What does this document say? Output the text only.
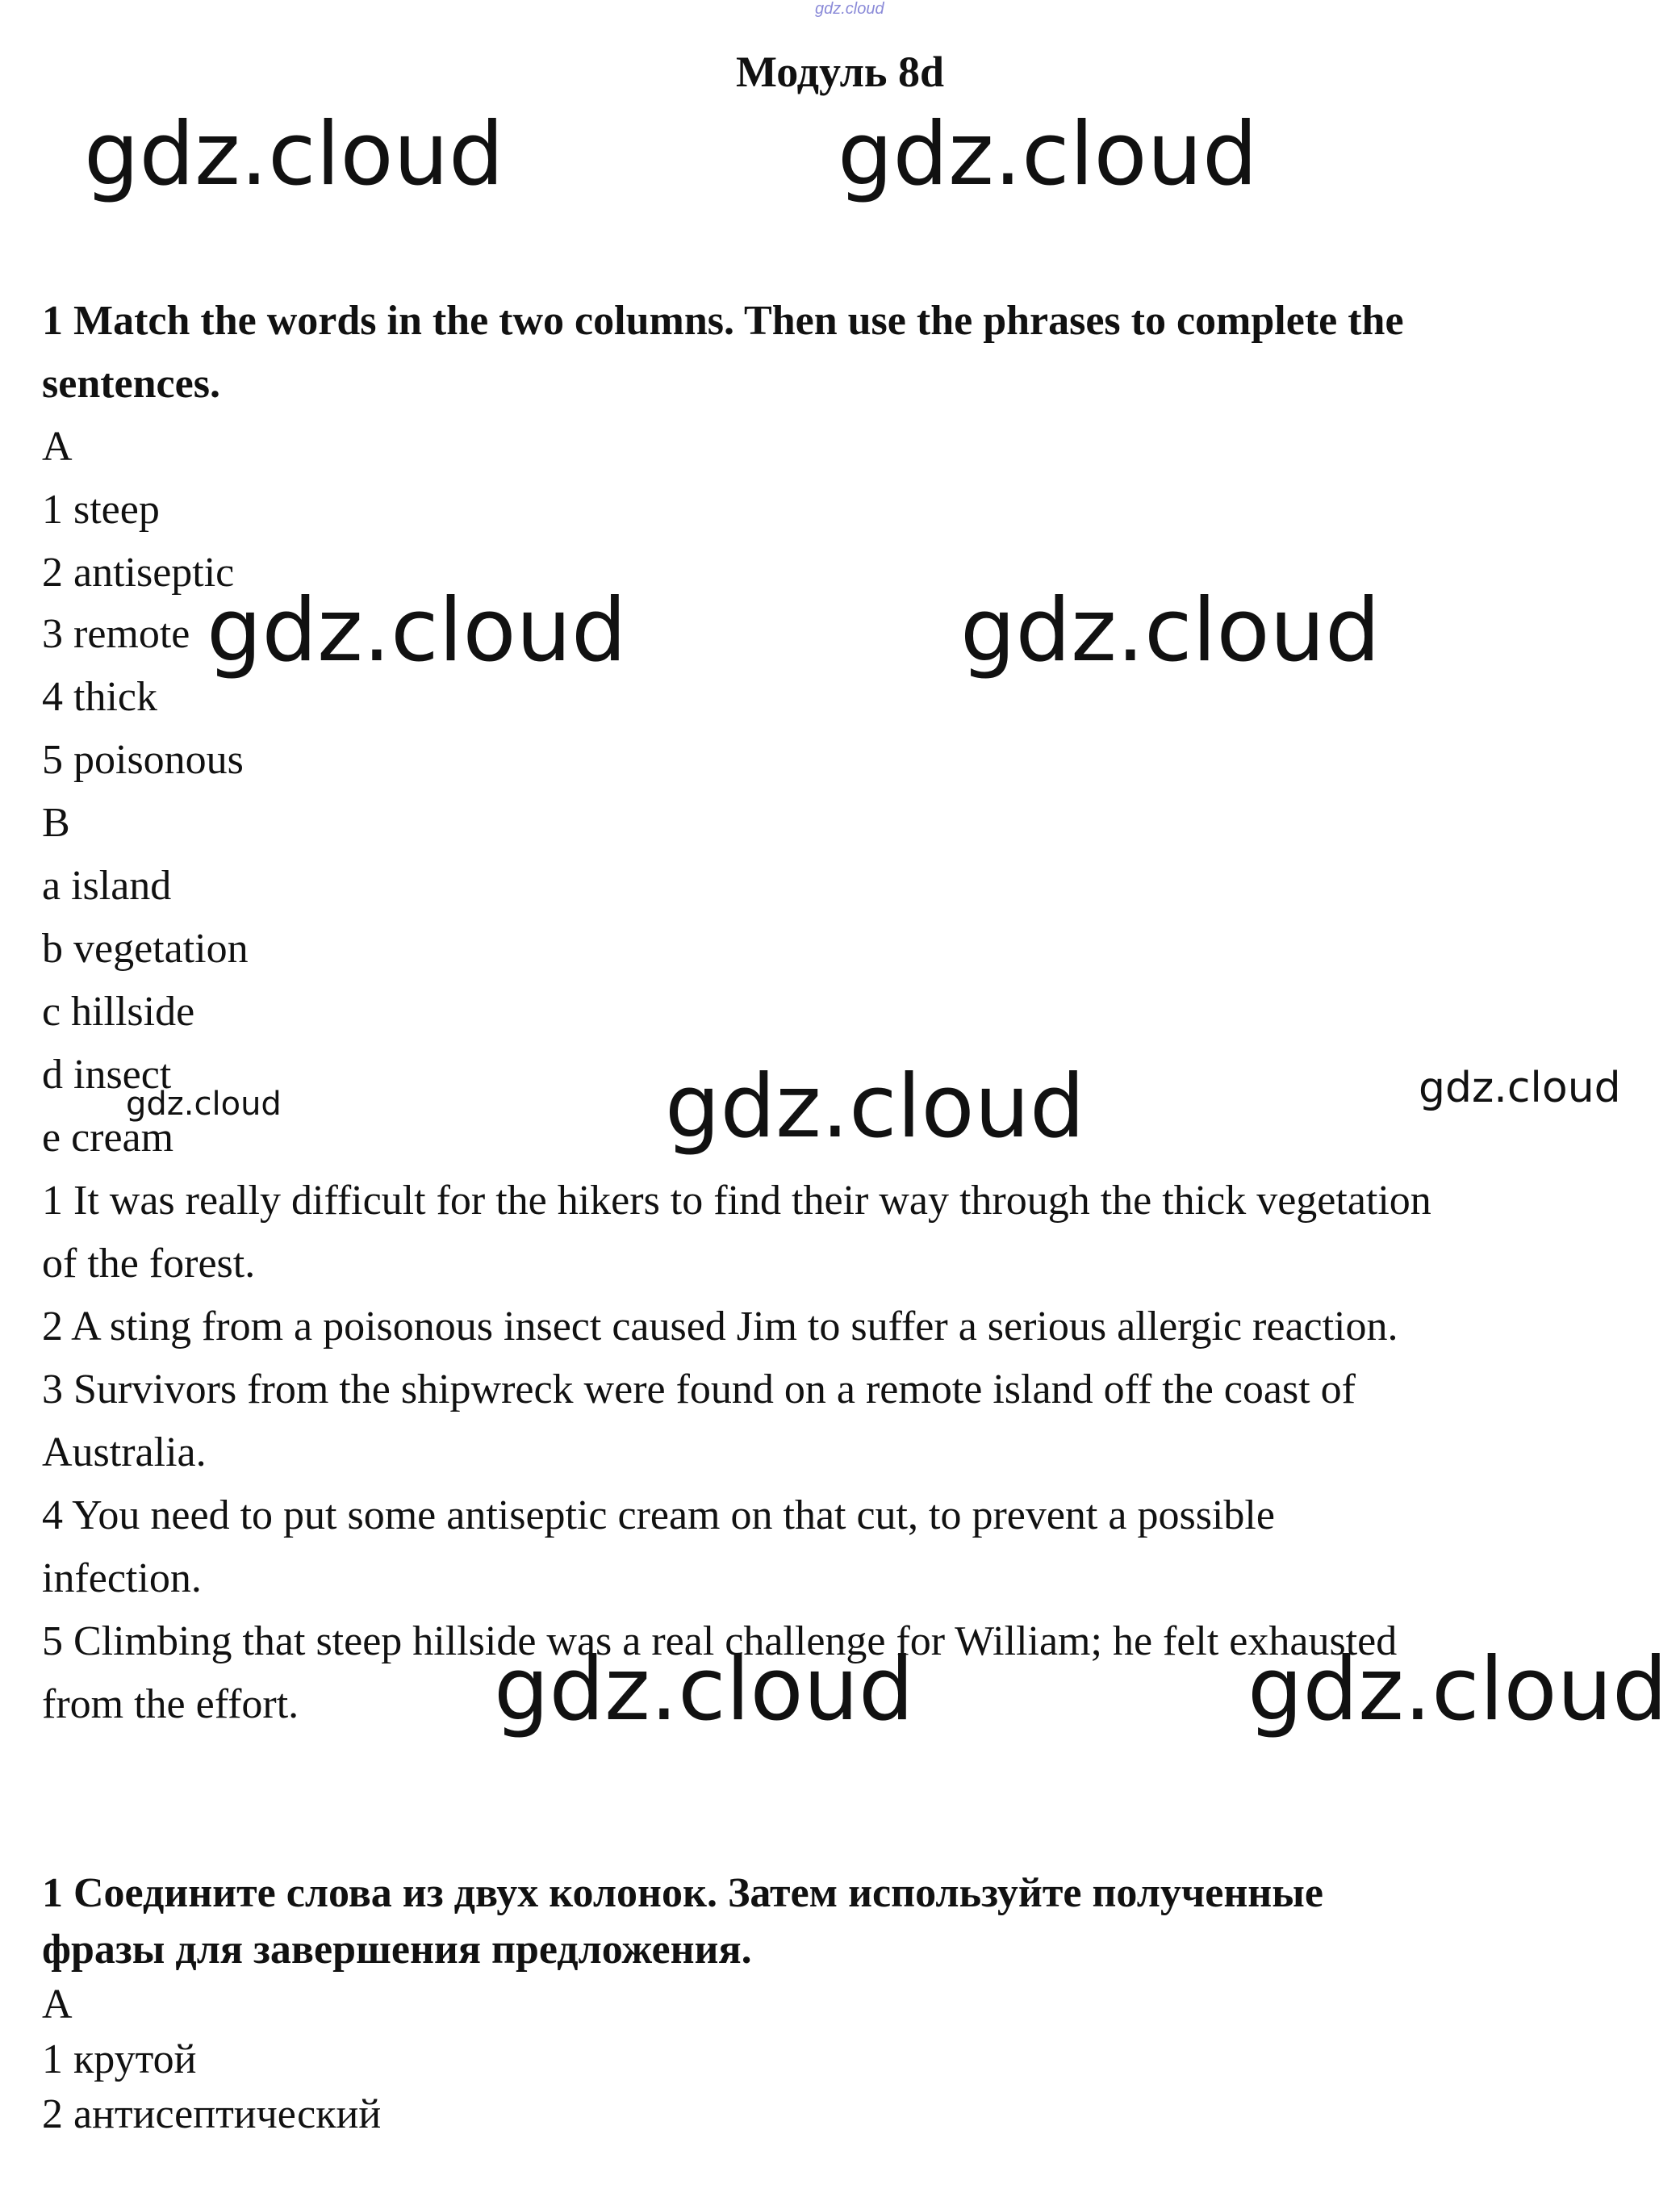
gdz.cloud
Модуль 8d
1 Match the words in the two columns. Then use the phrases to complete the
sentences.
A
1 steep
2 antiseptic
3 remote
4 thick
5 poisonous
B
a island
b vegetation
c hillside
d insect
e cream
1 It was really difficult for the hikers to find their way through the thick vegetation
of the forest.
2 A sting from a poisonous insect caused Jim to suffer a serious allergic reaction.
3 Survivors from the shipwreck were found on a remote island off the coast of
Australia.
4 You need to put some antiseptic cream on that cut, to prevent a possible
infection.
5 Climbing that steep hillside was a real challenge for William; he felt exhausted
from the effort.
1 Соедините слова из двух колонок. Затем используйте полученные
фразы для завершения предложения.
А
1 крутой
2 антисептический
gdz.cloud	gdz.cloud
gdz.cloud	gdz.cloud
gdz.cloud	gdz.cloud
gdz.cloud
gdz.cloud	gdz.cloud
